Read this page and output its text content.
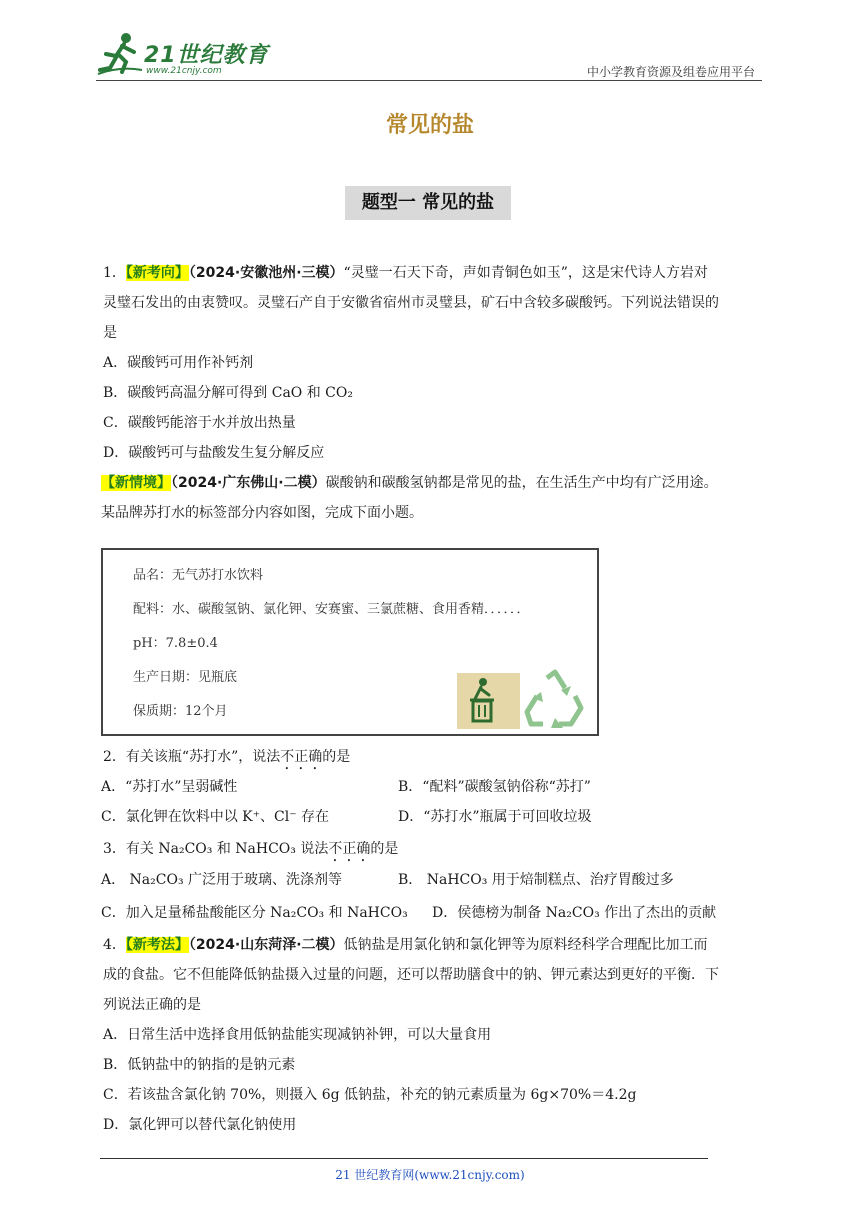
21世纪教育
www.21cnjy.com	中小学教育资源及组卷应用平台
常见的盐
题型一 常见的盐
1．【新考向】（2024·安徽池州·三模）“灵璧一石天下奇，声如青铜色如玉”，这是宋代诗人方岩对
灵璧石发出的由衷赞叹。灵璧石产自于安徽省宿州市灵璧县，矿石中含较多碳酸钙。下列说法错误的
是
A．碳酸钙可用作补钙剂
B．碳酸钙高温分解可得到 CaO 和 CO₂
C．碳酸钙能溶于水并放出热量
D．碳酸钙可与盐酸发生复分解反应
【新情境】（2024·广东佛山·二模）碳酸钠和碳酸氢钠都是常见的盐，在生活生产中均有广泛用途。
某品牌苏打水的标签部分内容如图，完成下面小题。
品名：无气苏打水饮料
配料：水、碳酸氢钠、氯化钾、安赛蜜、三氯蔗糖、食用香精．．．．．．
pH：7.8±0.4
生产日期：见瓶底
保质期：12个月
2．有关该瓶“苏打水”，说法不正确的是
A．“苏打水”呈弱碱性	B．“配料”碳酸氢钠俗称“苏打”
C．氯化钾在饮料中以 K⁺、Cl⁻ 存在	D．“苏打水”瓶属于可回收垃圾
3．有关 Na₂CO₃ 和 NaHCO₃ 说法不正确的是
A． Na₂CO₃ 广泛用于玻璃、洗涤剂等	B． NaHCO₃ 用于焙制糕点、治疗胃酸过多
C．加入足量稀盐酸能区分 Na₂CO₃ 和 NaHCO₃ D．侯德榜为制备 Na₂CO₃ 作出了杰出的贡献
4．【新考法】（2024·山东菏泽·二模）低钠盐是用氯化钠和氯化钾等为原料经科学合理配比加工而
成的食盐。它不但能降低钠盐摄入过量的问题，还可以帮助膳食中的钠、钾元素达到更好的平衡．下
列说法正确的是
A．日常生活中选择食用低钠盐能实现减钠补钾，可以大量食用
B．低钠盐中的钠指的是钠元素
C．若该盐含氯化钠 70%，则摄入 6g 低钠盐，补充的钠元素质量为 6g×70%＝4.2g
D．氯化钾可以替代氯化钠使用
21 世纪教育网(www.21cnjy.com)
